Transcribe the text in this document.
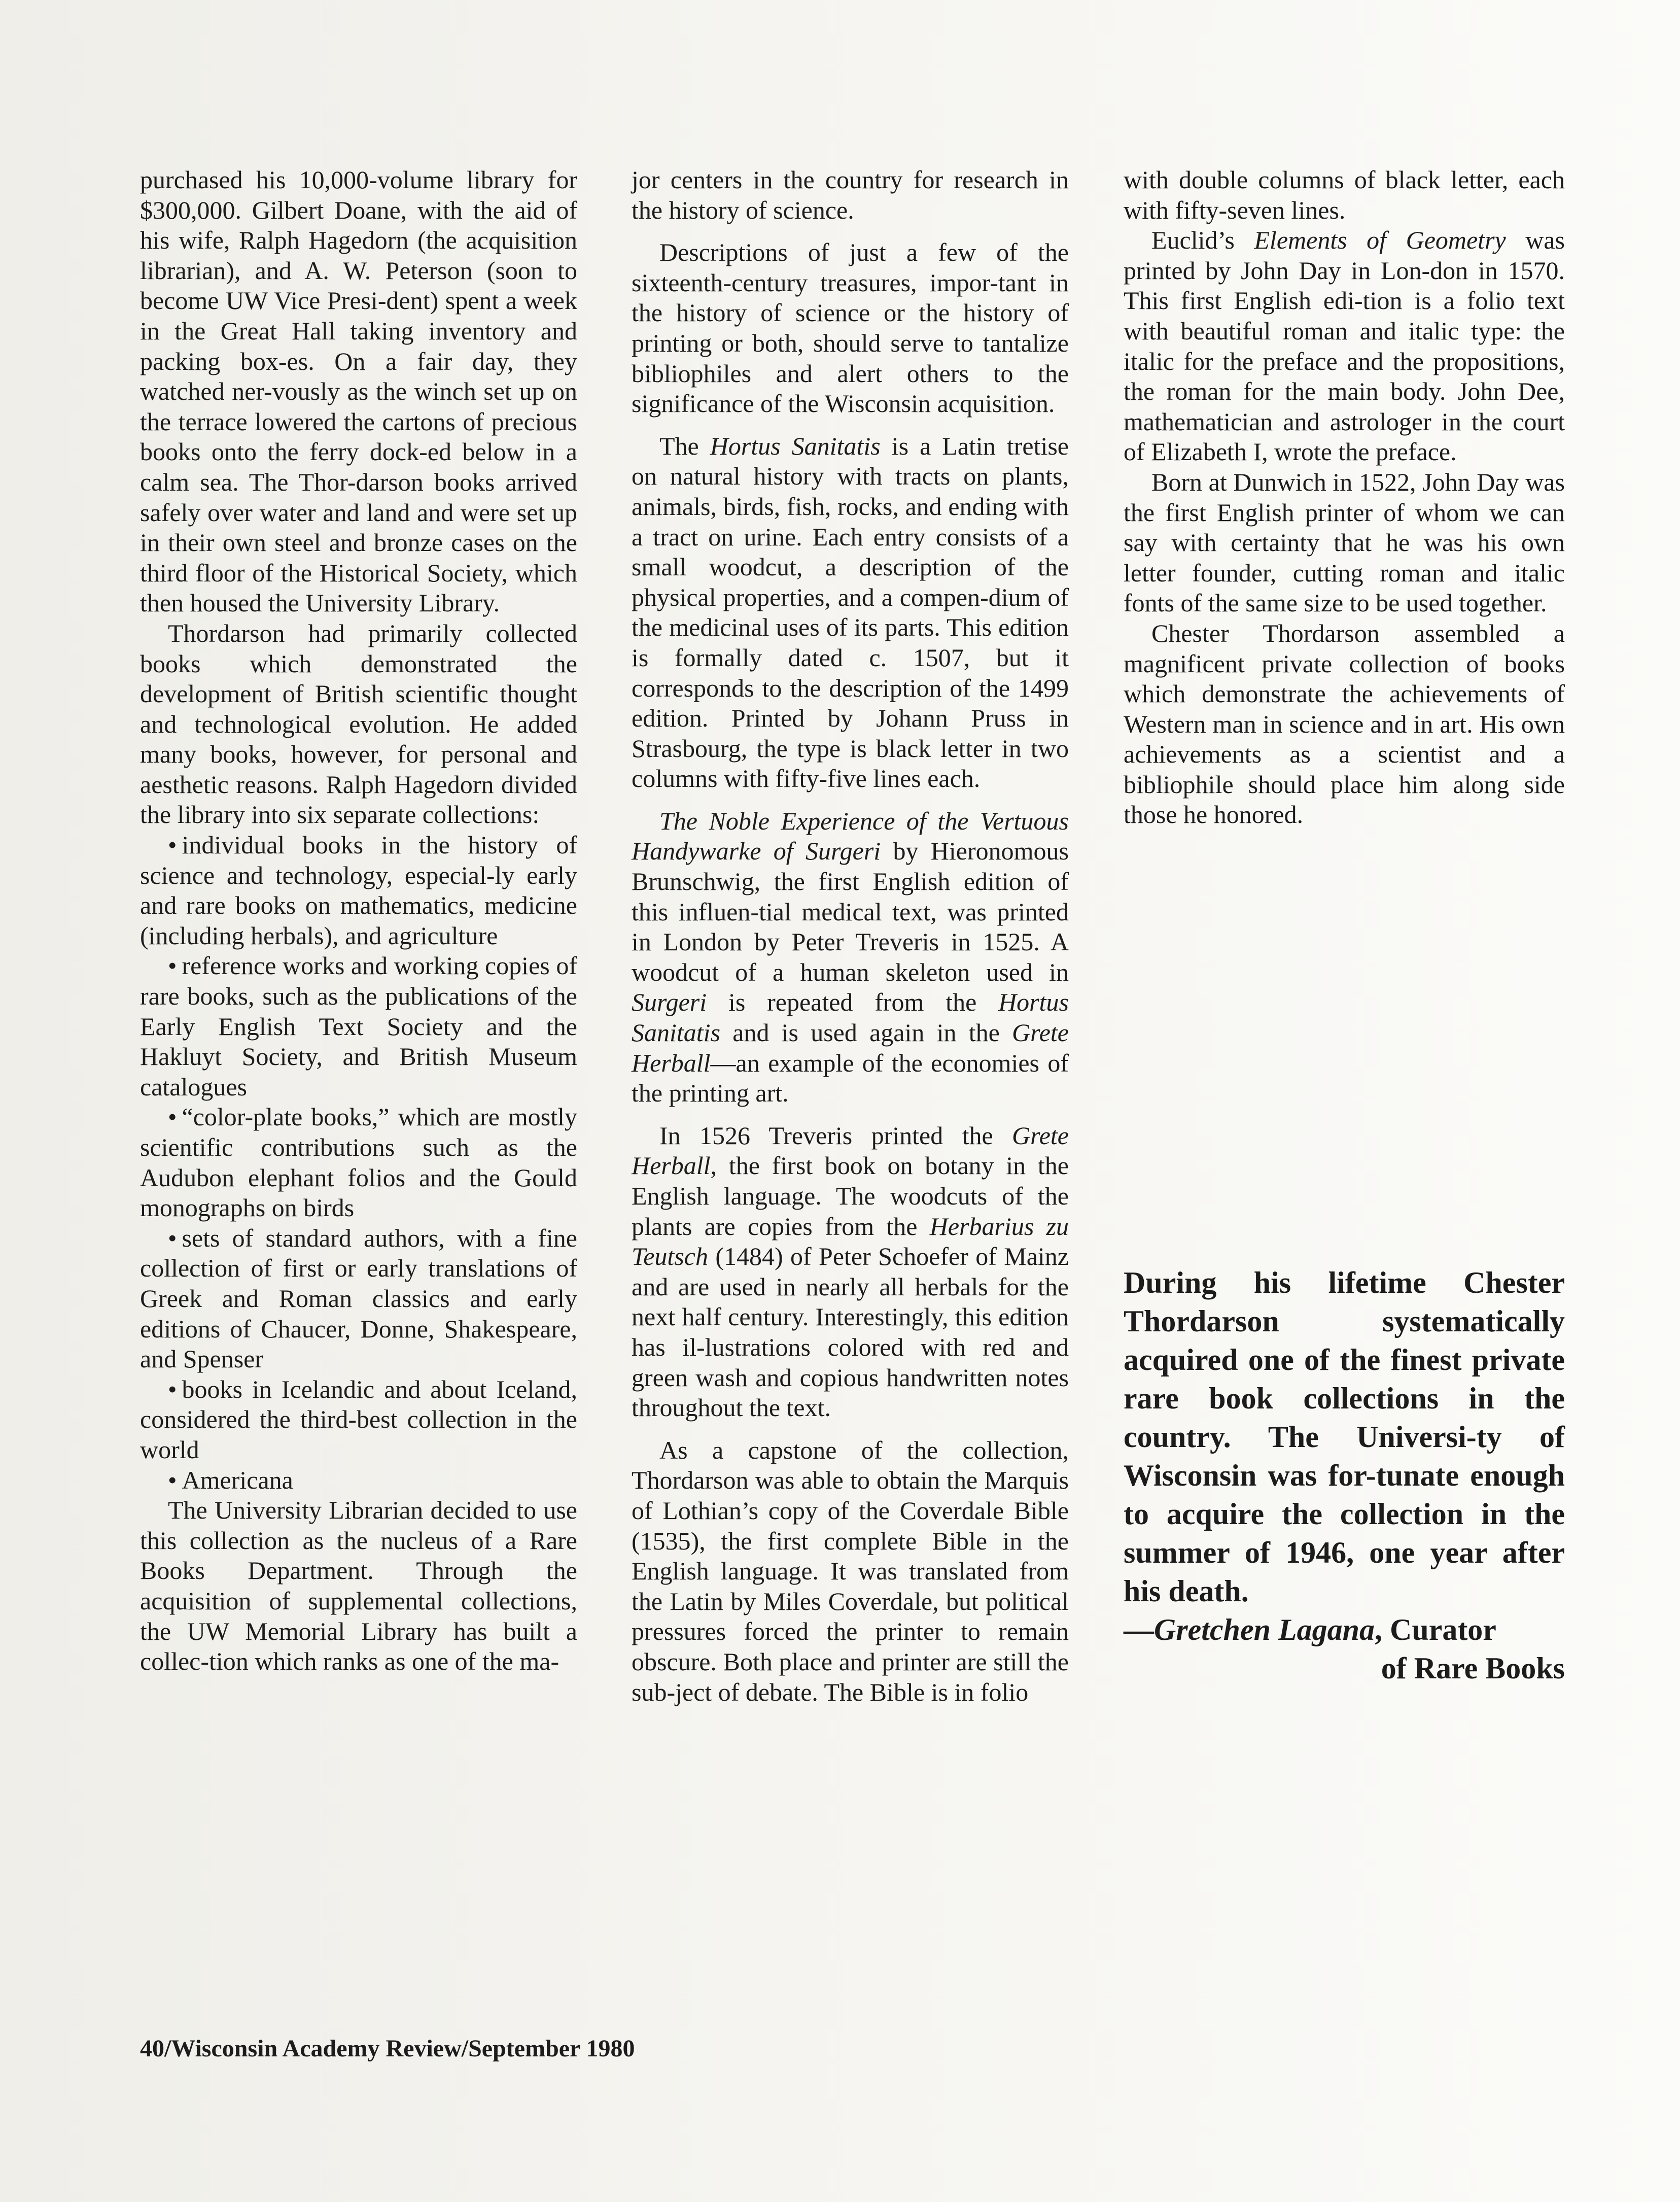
purchased his 10,000-volume library for $300,000. Gilbert Doane, with the aid of his wife, Ralph Hagedorn (the acquisition librarian), and A. W. Peterson (soon to become UW Vice Presi-dent) spent a week in the Great Hall taking inventory and packing box-es. On a fair day, they watched ner-vously as the winch set up on the terrace lowered the cartons of precious books onto the ferry dock-ed below in a calm sea. The Thor-darson books arrived safely over water and land and were set up in their own steel and bronze cases on the third floor of the Historical Society, which then housed the University Library.

Thordarson had primarily collected books which demonstrated the development of British scientific thought and technological evolution. He added many books, however, for personal and aesthetic reasons. Ralph Hagedorn divided the library into six separate collections:

• individual books in the history of science and technology, especial-ly early and rare books on mathematics, medicine (including herbals), and agriculture

• reference works and working copies of rare books, such as the publications of the Early English Text Society and the Hakluyt Society, and British Museum catalogues

• “color-plate books,” which are mostly scientific contributions such as the Audubon elephant folios and the Gould monographs on birds

• sets of standard authors, with a fine collection of first or early translations of Greek and Roman classics and early editions of Chaucer, Donne, Shakespeare, and Spenser

• books in Icelandic and about Iceland, considered the third-best collection in the world

• Americana

The University Librarian decided to use this collection as the nucleus of a Rare Books Department. Through the acquisition of supplemental collections, the UW Memorial Library has built a collec-tion which ranks as one of the ma-

jor centers in the country for research in the history of science.

Descriptions of just a few of the sixteenth-century treasures, impor-tant in the history of science or the history of printing or both, should serve to tantalize bibliophiles and alert others to the significance of the Wisconsin acquisition.

The Hortus Sanitatis is a Latin tretise on natural history with tracts on plants, animals, birds, fish, rocks, and ending with a tract on urine. Each entry consists of a small woodcut, a description of the physical properties, and a compen-dium of the medicinal uses of its parts. This edition is formally dated c. 1507, but it corresponds to the description of the 1499 edition. Printed by Johann Pruss in Strasbourg, the type is black letter in two columns with fifty-five lines each.

The Noble Experience of the Vertuous Handywarke of Surgeri by Hieronomous Brunschwig, the first English edition of this influen-tial medical text, was printed in London by Peter Treveris in 1525. A woodcut of a human skeleton used in Surgeri is repeated from the Hortus Sanitatis and is used again in the Grete Herball—an example of the economies of the printing art.

In 1526 Treveris printed the Grete Herball, the first book on botany in the English language. The woodcuts of the plants are copies from the Herbarius zu Teutsch (1484) of Peter Schoefer of Mainz and are used in nearly all herbals for the next half century. Interestingly, this edition has il-lustrations colored with red and green wash and copious handwritten notes throughout the text.

As a capstone of the collection, Thordarson was able to obtain the Marquis of Lothian’s copy of the Coverdale Bible (1535), the first complete Bible in the English language. It was translated from the Latin by Miles Coverdale, but political pressures forced the printer to remain obscure. Both place and printer are still the sub-ject of debate. The Bible is in folio

with double columns of black letter, each with fifty-seven lines.

Euclid’s Elements of Geometry was printed by John Day in Lon-don in 1570. This first English edi-tion is a folio text with beautiful roman and italic type: the italic for the preface and the propositions, the roman for the main body. John Dee, mathematician and astrologer in the court of Elizabeth I, wrote the preface.

Born at Dunwich in 1522, John Day was the first English printer of whom we can say with certainty that he was his own letter founder, cutting roman and italic fonts of the same size to be used together.

Chester Thordarson assembled a magnificent private collection of books which demonstrate the achievements of Western man in science and in art. His own achievements as a scientist and a bibliophile should place him along side those he honored.

During his lifetime Chester Thordarson systematically acquired one of the finest private rare book collections in the country. The Universi-ty of Wisconsin was for-tunate enough to acquire the collection in the summer of 1946, one year after his death.
—Gretchen Lagana, Curator
of Rare Books

40/Wisconsin Academy Review/September 1980
